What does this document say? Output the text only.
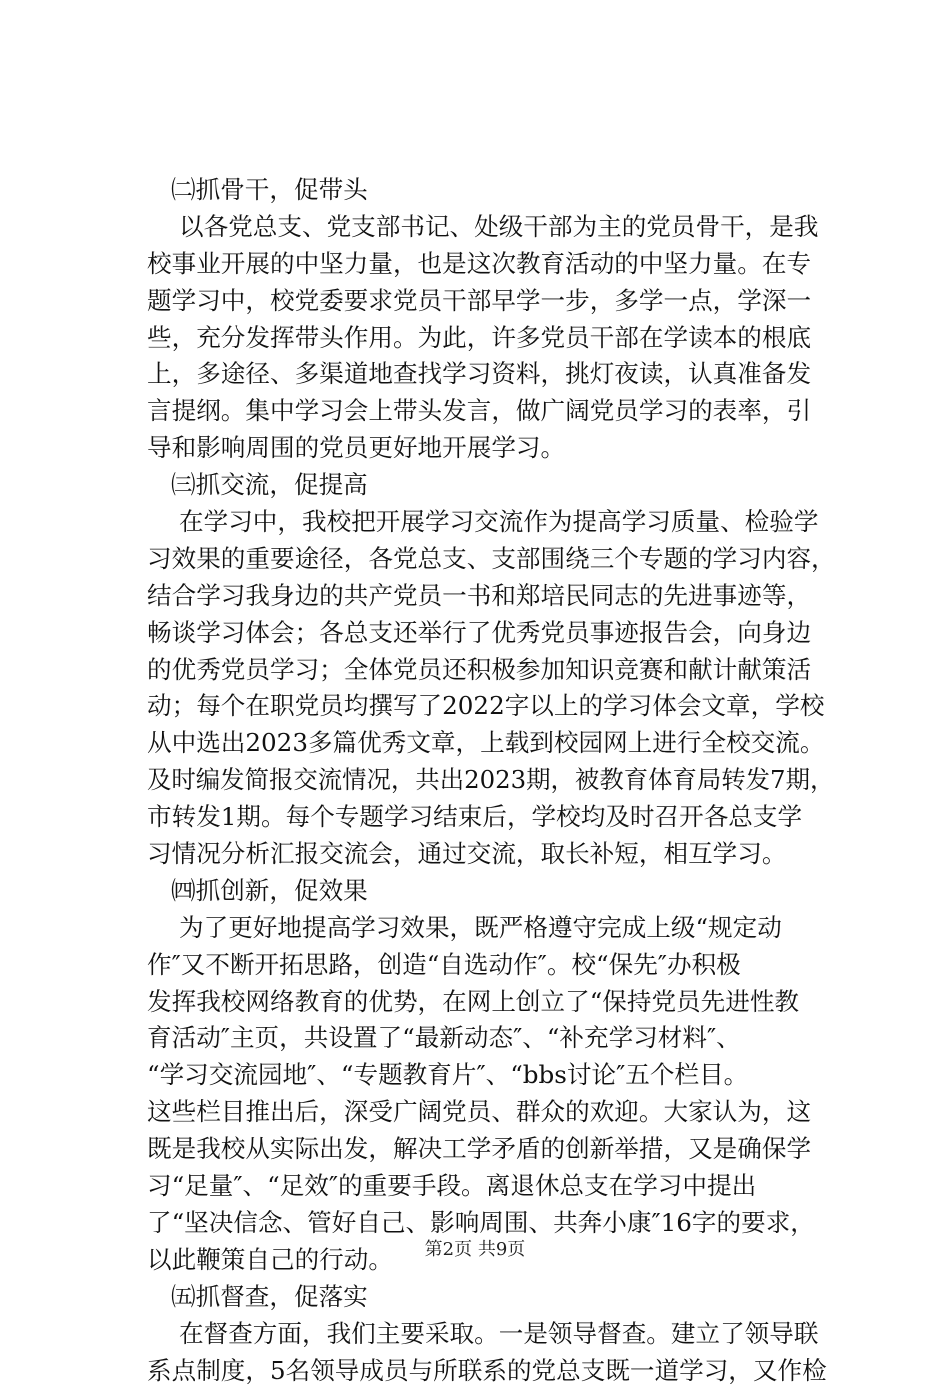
㈡抓骨干，促带头
以各党总支、党支部书记、处级干部为主的党员骨干，是我
校事业开展的中坚力量，也是这次教育活动的中坚力量。在专
题学习中，校党委要求党员干部早学一步，多学一点，学深一
些，充分发挥带头作用。为此，许多党员干部在学读本的根底
上，多途径、多渠道地查找学习资料，挑灯夜读，认真准备发
言提纲。集中学习会上带头发言，做广阔党员学习的表率，引
导和影响周围的党员更好地开展学习。
㈢抓交流，促提高
在学习中，我校把开展学习交流作为提高学习质量、检验学
习效果的重要途径，各党总支、支部围绕三个专题的学习内容，
结合学习我身边的共产党员一书和郑培民同志的先进事迹等，
畅谈学习体会；各总支还举行了优秀党员事迹报告会，向身边
的优秀党员学习；全体党员还积极参加知识竞赛和献计献策活
动；每个在职党员均撰写了2022字以上的学习体会文章，学校
从中选出2023多篇优秀文章，上载到校园网上进行全校交流。
及时编发简报交流情况，共出2023期，被教育体育局转发7期，
市转发1期。每个专题学习结束后，学校均及时召开各总支学
习情况分析汇报交流会，通过交流，取长补短，相互学习。
㈣抓创新，促效果
为了更好地提高学习效果，既严格遵守完成上级“规定动
作″又不断开拓思路，创造“自选动作″。校“保先″办积极
发挥我校网络教育的优势，在网上创立了“保持党员先进性教
育活动″主页，共设置了“最新动态″、“补充学习材料″、
“学习交流园地″、“专题教育片″、“bbs讨论″五个栏目。
这些栏目推出后，深受广阔党员、群众的欢迎。大家认为，这
既是我校从实际出发，解决工学矛盾的创新举措，又是确保学
习“足量″、“足效″的重要手段。离退休总支在学习中提出
了“坚决信念、管好自己、影响周围、共奔小康″16字的要求，
以此鞭策自己的行动。
㈤抓督查，促落实
在督查方面，我们主要采取。一是领导督查。建立了领导联
系点制度，5名领导成员与所联系的党总支既一道学习，又作检
第2页 共9页
